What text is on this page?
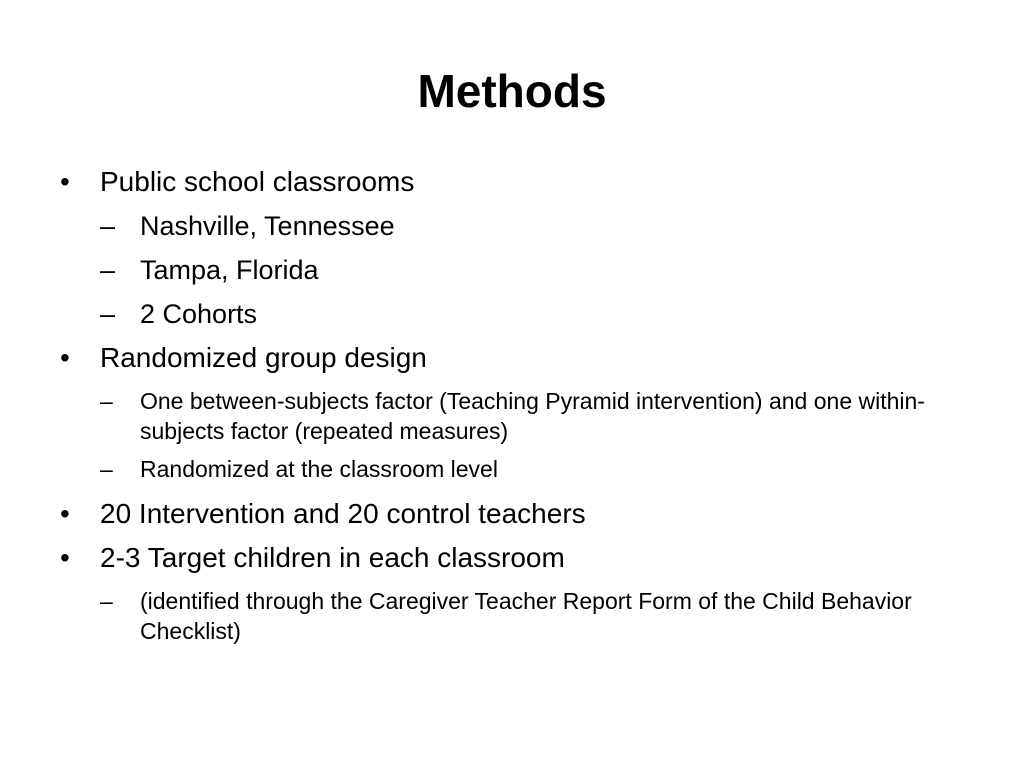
Methods
•	Public school classrooms
– Nashville, Tennessee
– Tampa, Florida
– 2 Cohorts
•	Randomized group design
– One between-subjects factor (Teaching Pyramid intervention) and one within-subjects factor (repeated measures)
– Randomized at the classroom level
•	20 Intervention and 20 control teachers
•	2-3 Target children in each classroom
– (identified through the Caregiver Teacher Report Form of the Child Behavior Checklist)
